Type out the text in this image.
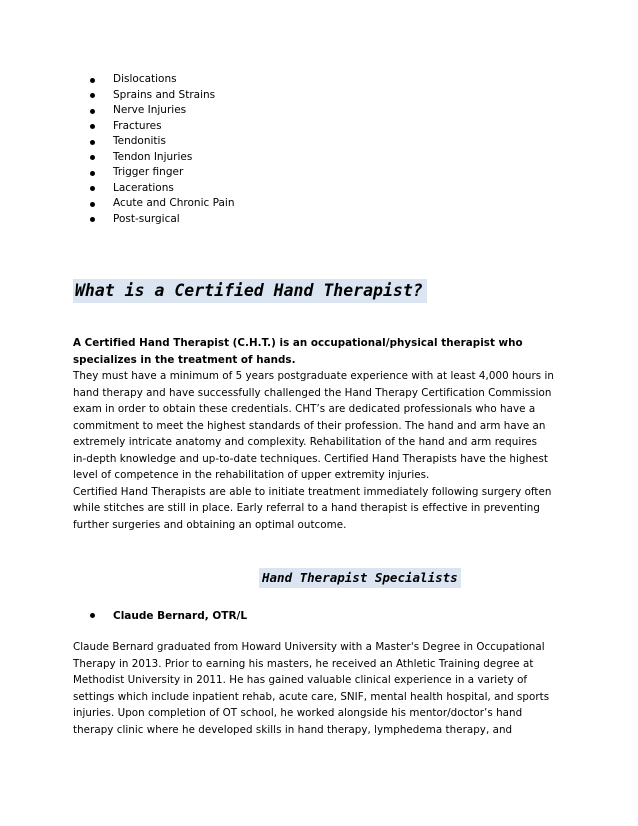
Dislocations
Sprains and Strains
Nerve Injuries
Fractures
Tendonitis
Tendon Injuries
Trigger finger
Lacerations
Acute and Chronic Pain
Post-surgical
What is a Certified Hand Therapist?
A Certified Hand Therapist (C.H.T.) is an occupational/physical therapist who
specializes in the treatment of hands.
They must have a minimum of 5 years postgraduate experience with at least 4,000 hours in
hand therapy and have successfully challenged the Hand Therapy Certification Commission
exam in order to obtain these credentials. CHT’s are dedicated professionals who have a
commitment to meet the highest standards of their profession. The hand and arm have an
extremely intricate anatomy and complexity. Rehabilitation of the hand and arm requires
in-depth knowledge and up-to-date techniques. Certified Hand Therapists have the highest
level of competence in the rehabilitation of upper extremity injuries.
Certified Hand Therapists are able to initiate treatment immediately following surgery often
while stitches are still in place. Early referral to a hand therapist is effective in preventing
further surgeries and obtaining an optimal outcome.
Hand Therapist Specialists
Claude Bernard, OTR/L
Claude Bernard graduated from Howard University with a Master's Degree in Occupational
Therapy in 2013. Prior to earning his masters, he received an Athletic Training degree at
Methodist University in 2011. He has gained valuable clinical experience in a variety of
settings which include inpatient rehab, acute care, SNIF, mental health hospital, and sports
injuries. Upon completion of OT school, he worked alongside his mentor/doctor’s hand
therapy clinic where he developed skills in hand therapy, lymphedema therapy, and
